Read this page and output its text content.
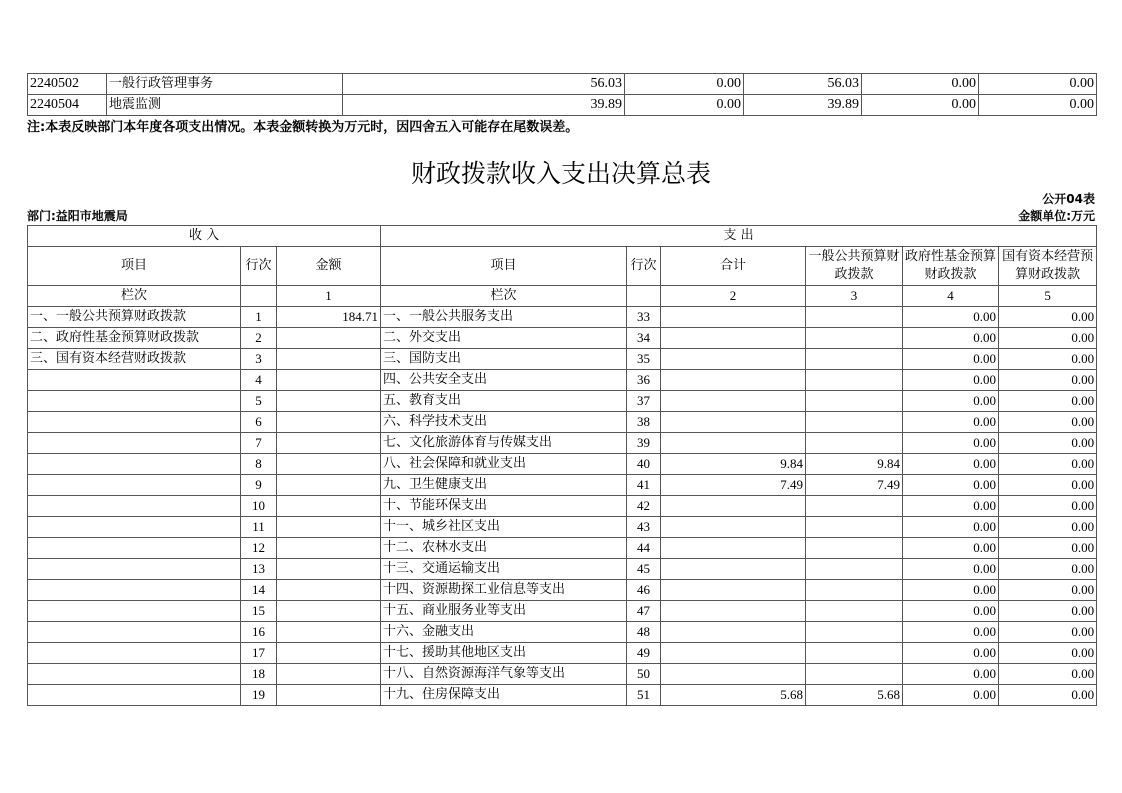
2240502	一般行政管理事务	56.03	0.00	56.03	0.00	0.00	
2240504	地震监测	39.89	0.00	39.89	0.00	0.00	
注:本表反映部门本年度各项支出情况。本表金额转换为万元时，因四舍五入可能存在尾数误差。
财政拨款收入支出决算总表
公开04表
部门:益阳市地震局	金额单位:万元
收 入			支 出					
项目	行次	金额	项目	行次	合计	一般公共预算财政拨款	政府性基金预算财政拨款	国有资本经营预算财政拨款
栏次		1	栏次		2	3	4	5
一、一般公共预算财政拨款	1	184.71	一、一般公共服务支出	33			0.00	0.00
二、政府性基金预算财政拨款	2		二、外交支出	34			0.00	0.00
三、国有资本经营财政拨款	3		三、国防支出	35			0.00	0.00
	4		四、公共安全支出	36			0.00	0.00
	5		五、教育支出	37			0.00	0.00
	6		六、科学技术支出	38			0.00	0.00
	7		七、文化旅游体育与传媒支出	39			0.00	0.00
	8		八、社会保障和就业支出	40	9.84	9.84	0.00	0.00
	9		九、卫生健康支出	41	7.49	7.49	0.00	0.00
	10		十、节能环保支出	42			0.00	0.00
	11		十一、城乡社区支出	43			0.00	0.00
	12		十二、农林水支出	44			0.00	0.00
	13		十三、交通运输支出	45			0.00	0.00
	14		十四、资源勘探工业信息等支出	46			0.00	0.00
	15		十五、商业服务业等支出	47			0.00	0.00
	16		十六、金融支出	48			0.00	0.00
	17		十七、援助其他地区支出	49			0.00	0.00
	18		十八、自然资源海洋气象等支出	50			0.00	0.00
	19		十九、住房保障支出	51	5.68	5.68	0.00	0.00
